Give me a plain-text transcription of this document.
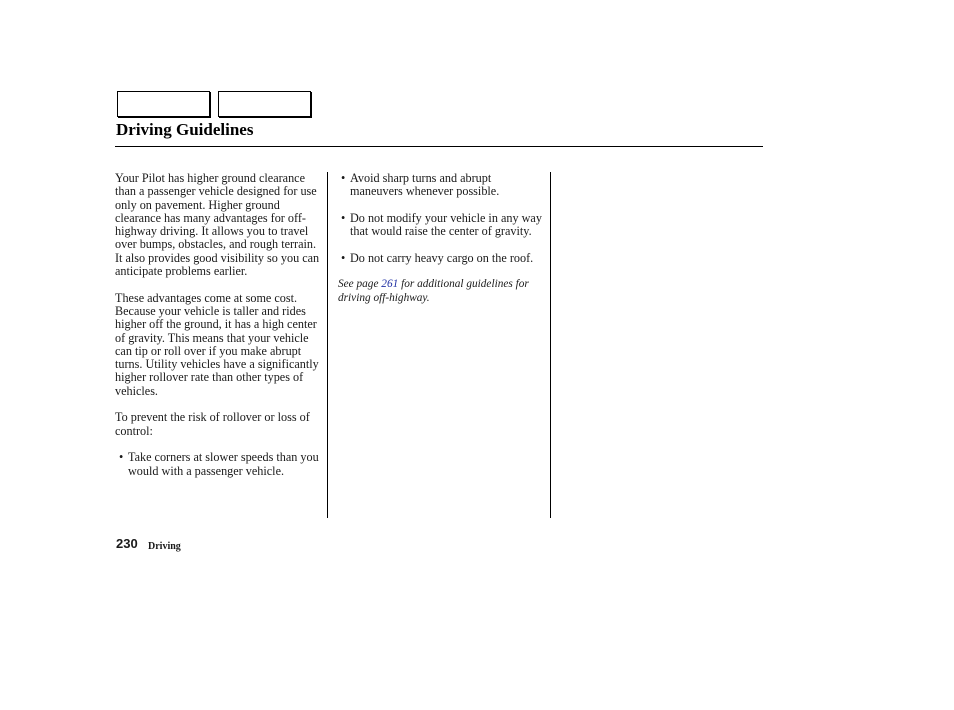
Driving Guidelines

Your Pilot has higher ground clearance than a passenger vehicle designed for use only on pavement. Higher ground clearance has many advantages for off-highway driving. It allows you to travel over bumps, obstacles, and rough terrain. It also provides good visibility so you can anticipate problems earlier.

These advantages come at some cost. Because your vehicle is taller and rides higher off the ground, it has a high center of gravity. This means that your vehicle can tip or roll over if you make abrupt turns. Utility vehicles have a significantly higher rollover rate than other types of vehicles.

To prevent the risk of rollover or loss of control:

• Take corners at slower speeds than you would with a passenger vehicle.
• Avoid sharp turns and abrupt maneuvers whenever possible.
• Do not modify your vehicle in any way that would raise the center of gravity.
• Do not carry heavy cargo on the roof.

See page 261 for additional guidelines for driving off-highway.

230 Driving
